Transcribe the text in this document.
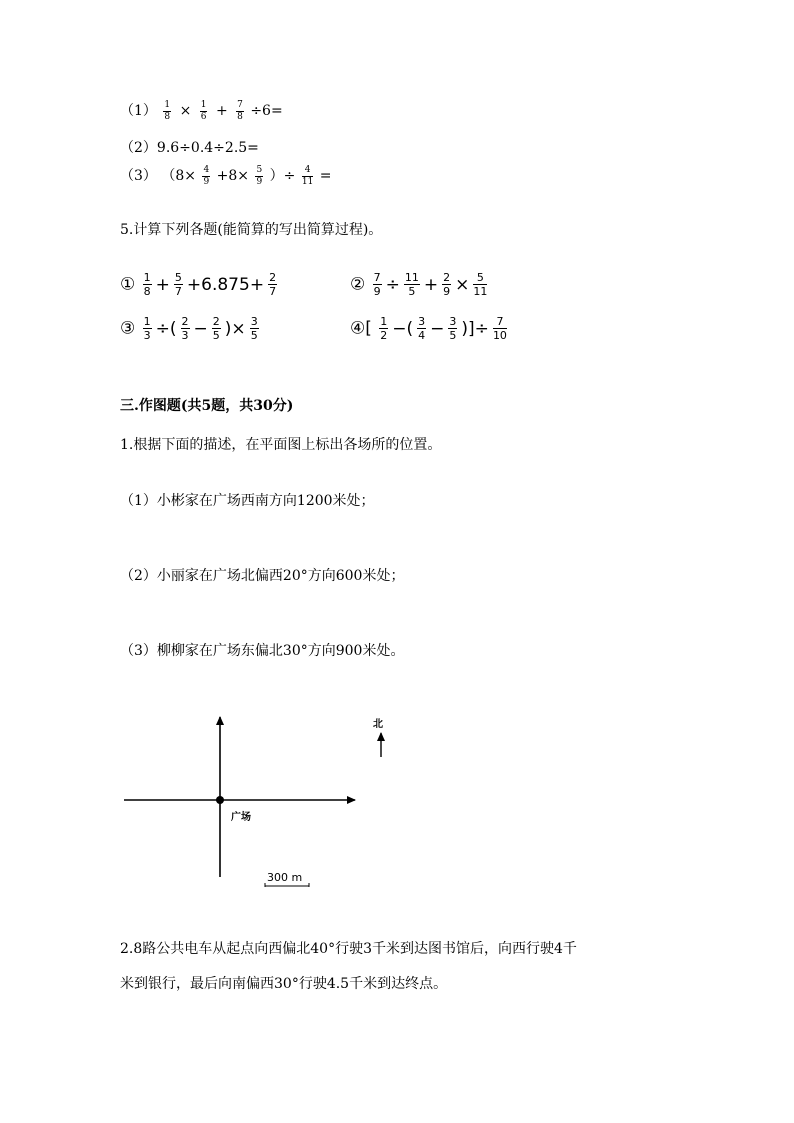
$(1) \frac{1}{8} \times \frac{1}{6} + \frac{7}{8} \div 6=$
（2）9.6÷0.4÷2.5=
（3） （$8\times \frac{4}{9} +8\times \frac{5}{9}$ ）÷ $\frac{4}{11}$ =
5.计算下列各题(能简算的写出简算过程)。
① $\frac{1}{8} + \frac{5}{7} +6.875+ \frac{2}{7}$	② $\frac{7}{9} \div \frac{11}{5} + \frac{2}{9} \times \frac{5}{11}$
③ $\frac{1}{3}$ ÷( $\frac{2}{3} - \frac{2}{5}$ )× $\frac{3}{5}$	④[ $\frac{1}{2}$ −( $\frac{3}{4} - \frac{3}{5}$ )]÷ $\frac{7}{10}$
三.作图题(共5题，共30分)
1.根据下面的描述，在平面图上标出各场所的位置。
（1）小彬家在广场西南方向1200米处；
（2）小丽家在广场北偏西20°方向600米处；
（3）柳柳家在广场东偏北30°方向900米处。
广场
北
300 m
2.8路公共电车从起点向西偏北40°行驶3千米到达图书馆后，向西行驶4千
米到银行，最后向南偏西30°行驶4.5千米到达终点。
